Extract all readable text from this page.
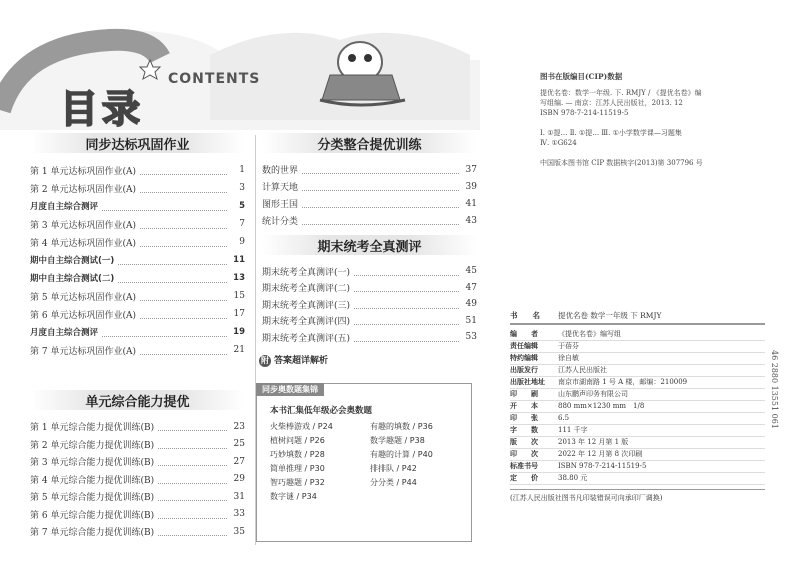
目录
CONTENTS
同步达标巩固作业
第 1 单元达标巩固作业(A)	1
第 2 单元达标巩固作业(A)	3
月度自主综合测评	5
第 3 单元达标巩固作业(A)	7
第 4 单元达标巩固作业(A)	9
期中自主综合测试(一)	11
期中自主综合测试(二)	13
第 5 单元达标巩固作业(A)	15
第 6 单元达标巩固作业(A)	17
月度自主综合测评	19
第 7 单元达标巩固作业(A)	21
单元综合能力提优
第 1 单元综合能力提优训练(B)	23
第 2 单元综合能力提优训练(B)	25
第 3 单元综合能力提优训练(B)	27
第 4 单元综合能力提优训练(B)	29
第 5 单元综合能力提优训练(B)	31
第 6 单元综合能力提优训练(B)	33
第 7 单元综合能力提优训练(B)	35
分类整合提优训练
数的世界	37
计算天地	39
图形王国	41
统计分类	43
期末统考全真测评
期末统考全真测评(一)	45
期末统考全真测评(二)	47
期末统考全真测评(三)	49
期末统考全真测评(四)	51
期末统考全真测评(五)	53
附 答案超详解析
同步奥数题集锦
本书汇集低年级必会奥数题
火柴棒游戏 / P24
植树问题 / P26
巧妙填数 / P28
简单推理 / P30
智巧趣题 / P32
数字谜 / P34
有趣的填数 / P36
数学趣题 / P38
有趣的计算 / P40
排排队 / P42
分分类 / P44
图书在版编目(CIP)数据
提优名卷：数学一年级. 下. RMJY / 《提优名卷》编
写组编. — 南京：江苏人民出版社，2013. 12
ISBN 978-7-214-11519-5
Ⅰ. ①提… Ⅱ. ①提… Ⅲ. ①小学数学课—习题集
Ⅳ. ①G624
中国版本图书馆 CIP 数据核字(2013)第 307796 号
书　　名	提优名卷 数学一年级 下 RMJY
编　　者	《提优名卷》编写组
责任编辑	于蓓芬
特约编辑	徐自敏
出版发行	江苏人民出版社
出版社地址	南京市湖南路 1 号 A 楼，邮编：210009
印　　刷	山东鹏声印务有限公司
开　　本	880 mm×1230 mm　1/8
印　　张	6.5
字　　数	111 千字
版　　次	2013 年 12 月第 1 版
印　　次	2022 年 12 月第 8 次印刷
标准书号	ISBN 978-7-214-11519-5
定　　价	38.80 元
(江苏人民出版社图书凡印装错误可向承印厂调换)
46 2880 13551 061
